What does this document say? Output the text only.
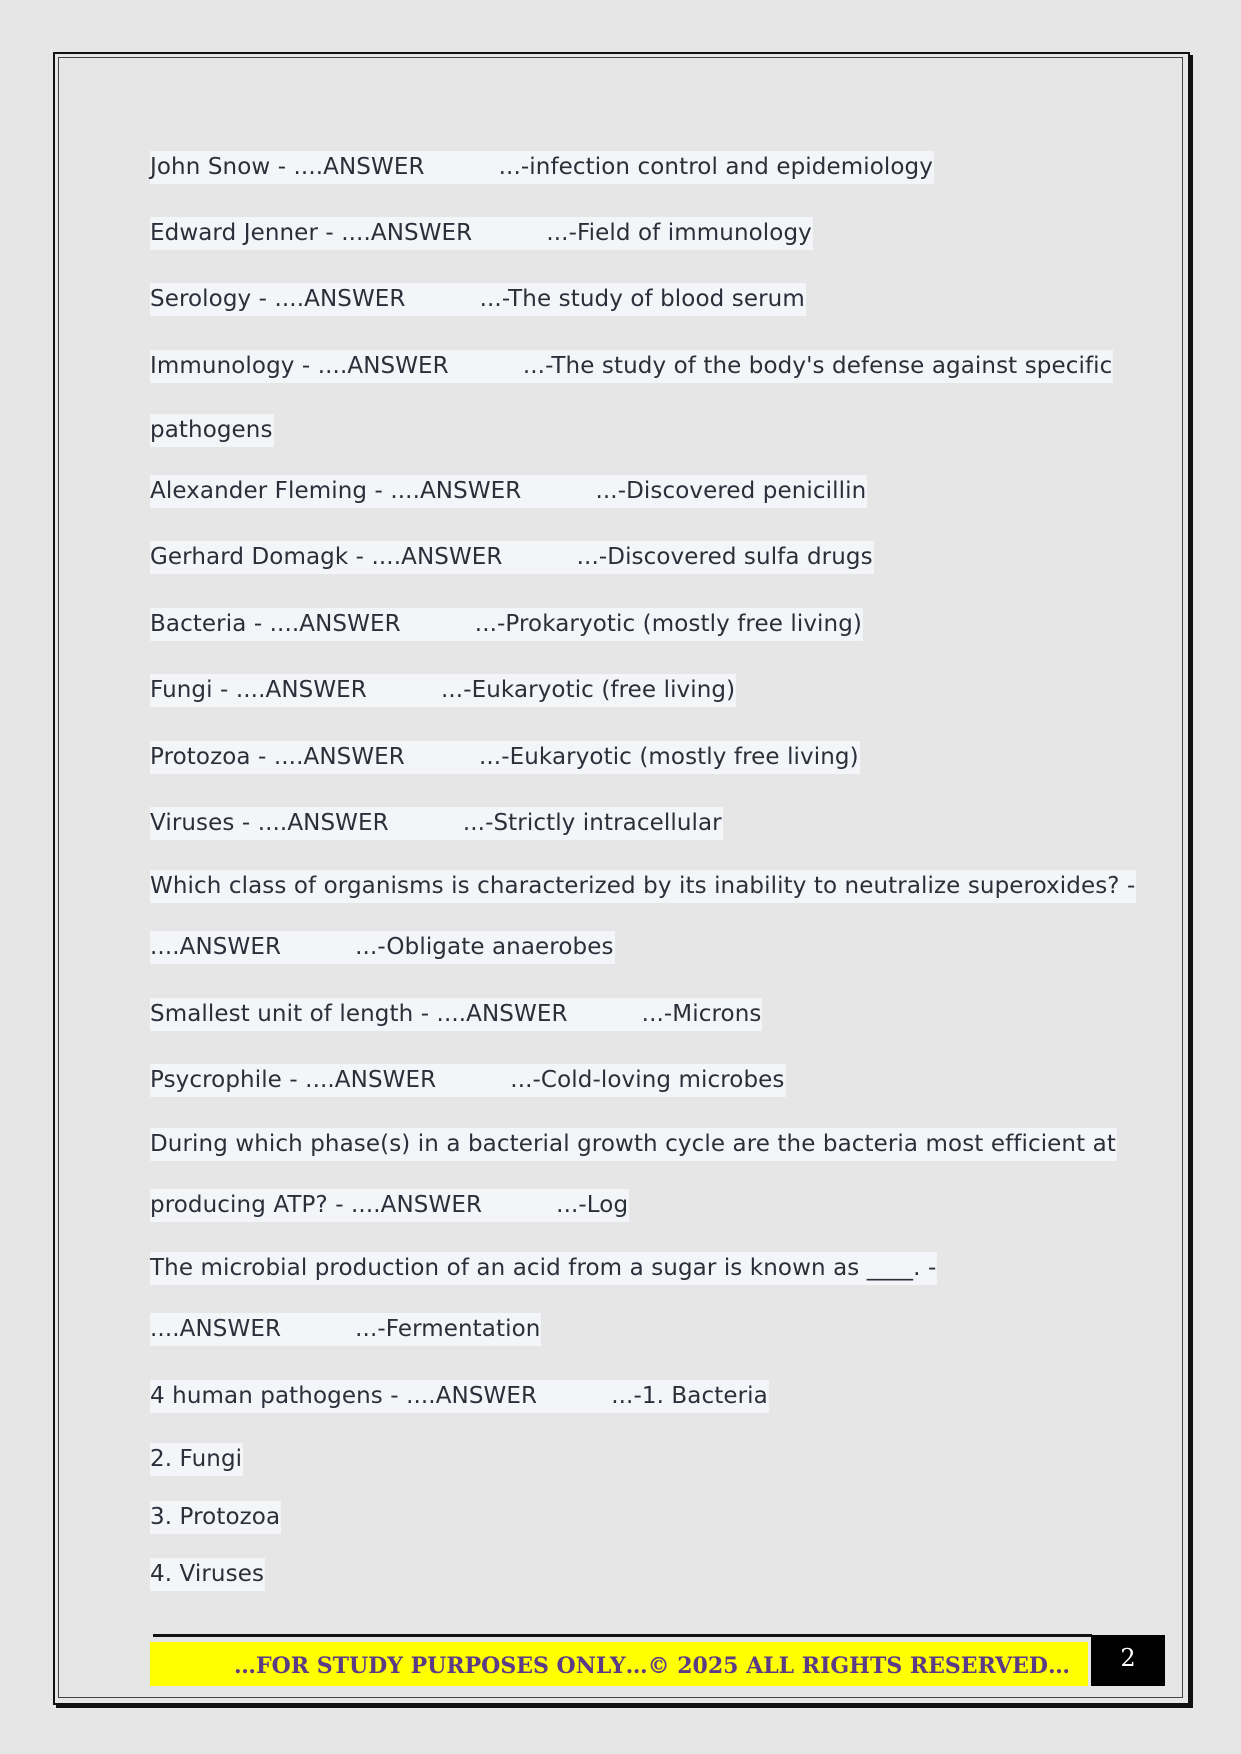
John Snow - ....ANSWER          ...-infection control and epidemiology
Edward Jenner - ....ANSWER          ...-Field of immunology
Serology - ....ANSWER          ...-The study of blood serum
Immunology - ....ANSWER          ...-The study of the body's defense against specific
pathogens
Alexander Fleming - ....ANSWER          ...-Discovered penicillin
Gerhard Domagk - ....ANSWER          ...-Discovered sulfa drugs
Bacteria - ....ANSWER          ...-Prokaryotic (mostly free living)
Fungi - ....ANSWER          ...-Eukaryotic (free living)
Protozoa - ....ANSWER          ...-Eukaryotic (mostly free living)
Viruses - ....ANSWER          ...-Strictly intracellular
Which class of organisms is characterized by its inability to neutralize superoxides? -
....ANSWER          ...-Obligate anaerobes
Smallest unit of length - ....ANSWER          ...-Microns
Psycrophile - ....ANSWER          ...-Cold-loving microbes
During which phase(s) in a bacterial growth cycle are the bacteria most efficient at
producing ATP? - ....ANSWER          ...-Log
The microbial production of an acid from a sugar is known as ____. -
....ANSWER          ...-Fermentation
4 human pathogens - ....ANSWER          ...-1. Bacteria
2. Fungi
3. Protozoa
4. Viruses
…FOR STUDY PURPOSES ONLY…© 2025 ALL RIGHTS RESERVED…	2
